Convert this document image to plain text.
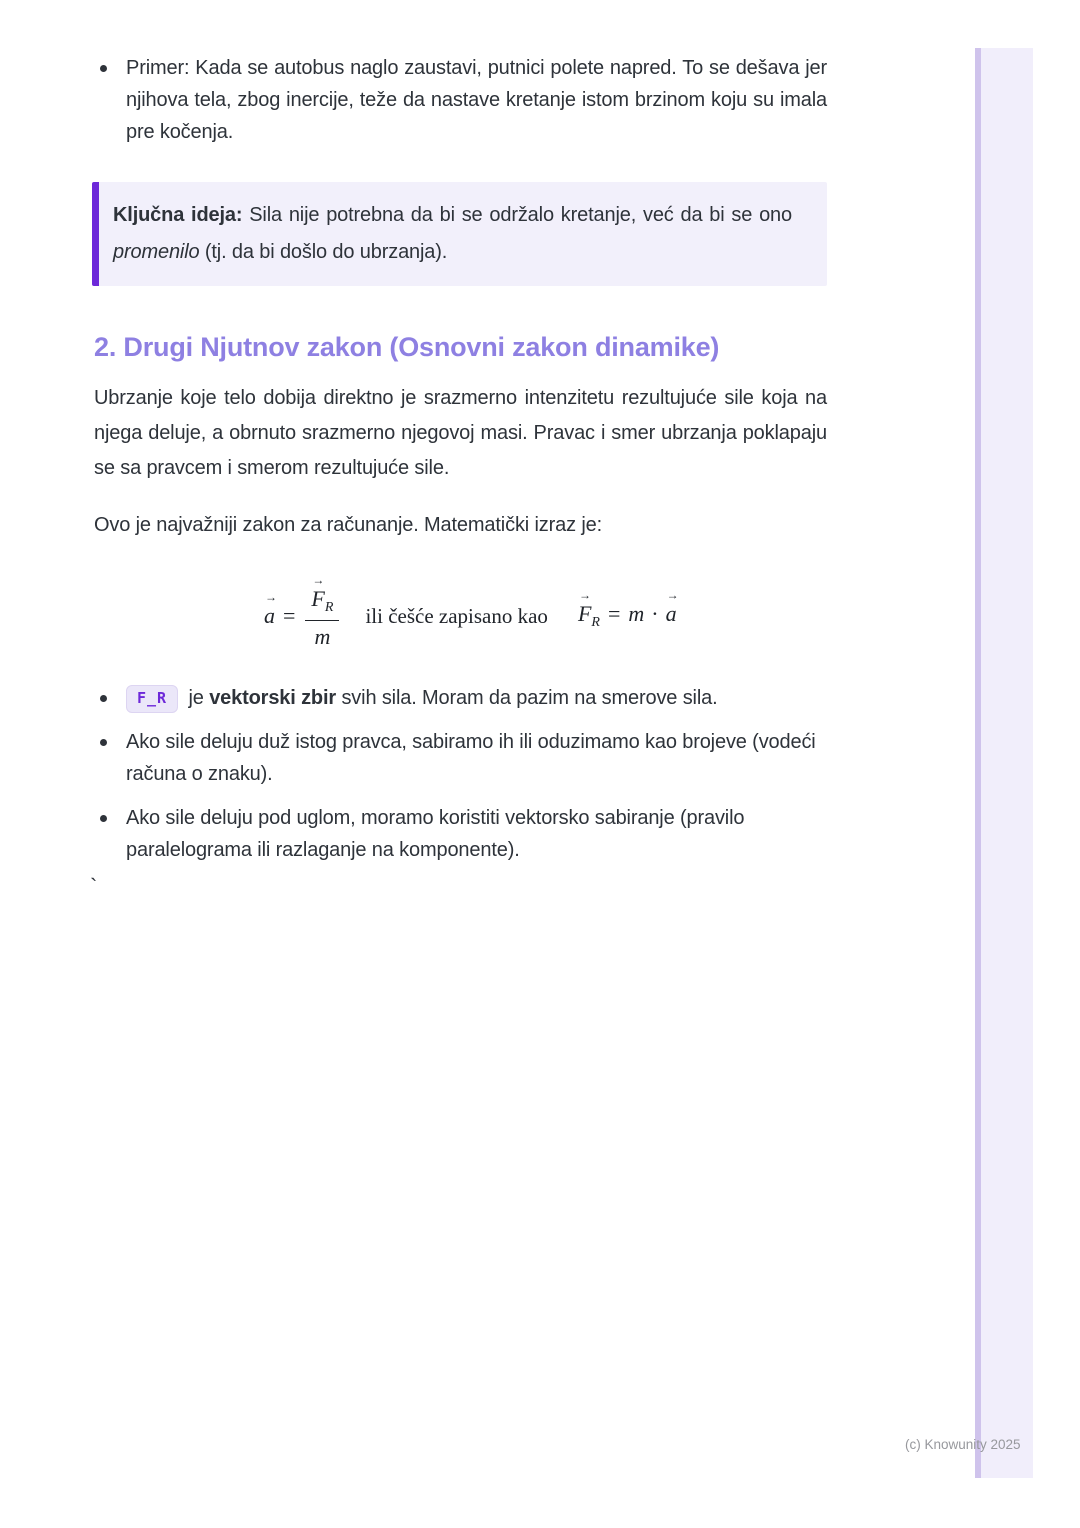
(c) Knowunity 2025

Primer: Kada se autobus naglo zaustavi, putnici polete napred. To se dešava jer njihova tela, zbog inercije, teže da nastave kretanje istom brzinom koju su imala pre kočenja.

Ključna ideja: Sila nije potrebna da bi se održalo kretanje, već da bi se ono promenilo (tj. da bi došlo do ubrzanja).

2. Drugi Njutnov zakon (Osnovni zakon dinamike)

Ubrzanje koje telo dobija direktno je srazmerno intenzitetu rezultujuće sile koja na njega deluje, a obrnuto srazmerno njegovoj masi. Pravac i smer ubrzanja poklapaju se sa pravcem i smerom rezultujuće sile.

Ovo je najvažniji zakon za računanje. Matematički izraz je:

→
a = →
$F_R$
m ili češće zapisano kao
→
$F_R = m$ ·
→
a

F_R je vektorski zbir svih sila. Moram da pazim na smerove sila.

Ako sile deluju duž istog pravca, sabiramo ih ili oduzimamo kao brojeve (vodeći računa o znaku).

Ako sile deluju pod uglom, moramo koristiti vektorsko sabiranje (pravilo paralelograma ili razlaganje na komponente).

`
